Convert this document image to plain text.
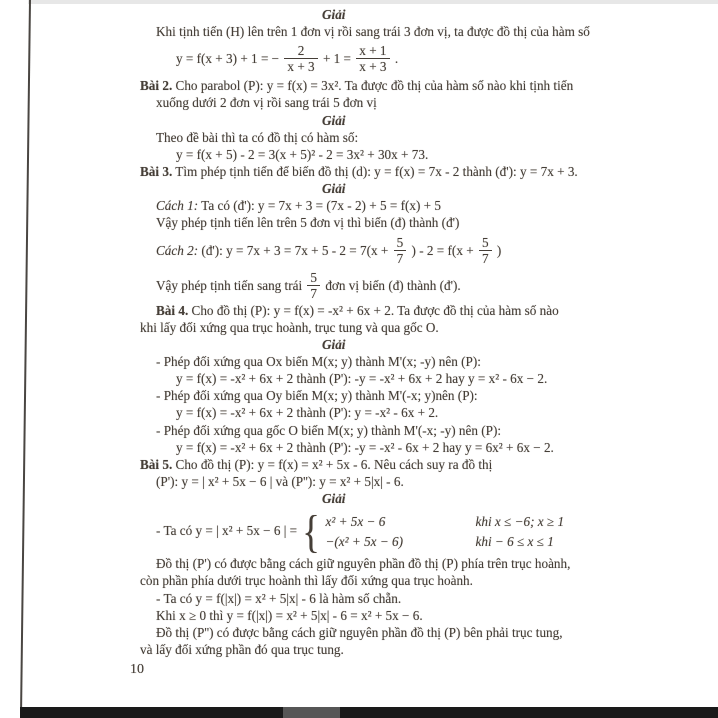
Giải
Khi tịnh tiến (H) lên trên 1 đơn vị rồi sang trái 3 đơn vị, ta được đồ thị của hàm số
y = f(x + 3) + 1 = − $\frac{2}{x + 3} + 1 = \frac{x + 1}{x + 3}$ .
Bài 2. Cho parabol (P): y = f(x) = 3x². Ta được đồ thị của hàm số nào khi tịnh tiến
xuống dưới 2 đơn vị rồi sang trái 5 đơn vị
Giải
Theo đề bài thì ta có đồ thị có hàm số:
y = f(x + 5) - 2 = 3(x + 5)² - 2 = 3x² + 30x + 73.
Bài 3. Tìm phép tịnh tiến để biến đồ thị (d): y = f(x) = 7x - 2 thành (đ'): y = 7x + 3.
Giải
Cách 1: Ta có (đ'): y = 7x + 3 = (7x - 2) + 5 = f(x) + 5
Vậy phép tịnh tiến lên trên 5 đơn vị thì biến (đ) thành (đ')
Cách 2: (đ'): $y = 7x + 3 = 7x + 5 - 2 = 7(x + \frac{5}{7}$ ) - $2 = f(x + \frac{5}{7}$ )
Vậy phép tịnh tiến sang trái $\frac{5}{7}$ đơn vị biến (đ) thành (đ').
Bài 4. Cho đồ thị (P): y = f(x) = -x² + 6x + 2. Ta được đồ thị của hàm số nào
khi lấy đối xứng qua trục hoành, trục tung và qua gốc O.
Giải
- Phép đối xứng qua Ox biến M(x; y) thành M'(x; -y) nên (P):
y = f(x) = -x² + 6x + 2 thành (P'): -y = -x² + 6x + 2 hay y = x² - 6x − 2.
- Phép đối xứng qua Oy biến M(x; y) thành M'(-x; y)nên (P):
y = f(x) = -x² + 6x + 2 thành (P'): y = -x² - 6x + 2.
- Phép đối xứng qua gốc O biến M(x; y) thành M'(-x; -y) nên (P):
y = f(x) = -x² + 6x + 2 thành (P'): -y = -x² - 6x + 2 hay y = 6x² + 6x − 2.
Bài 5. Cho đồ thị (P): y = f(x) = x² + 5x - 6. Nêu cách suy ra đồ thị
(P'): y = | x² + 5x − 6 | và (P''): y = x² + 5|x| - 6.
Giải
- Ta có y = | x² + 5x − 6 | = { x² + 5x − 6	khi x ≤ −6; x ≥ 1
−(x² + 5x − 6)	khi − 6 ≤ x ≤ 1
Đồ thị (P') có được bằng cách giữ nguyên phần đồ thị (P) phía trên trục hoành,
còn phần phía dưới trục hoành thì lấy đối xứng qua trục hoành.
- Ta có y = f(|x|) = x² + 5|x| - 6 là hàm số chẵn.
Khi x ≥ 0 thì y = f(|x|) = x² + 5|x| - 6 = x² + 5x − 6.
Đồ thị (P'') có được bằng cách giữ nguyên phần đồ thị (P) bên phải trục tung,
và lấy đối xứng phần đó qua trục tung.
10
